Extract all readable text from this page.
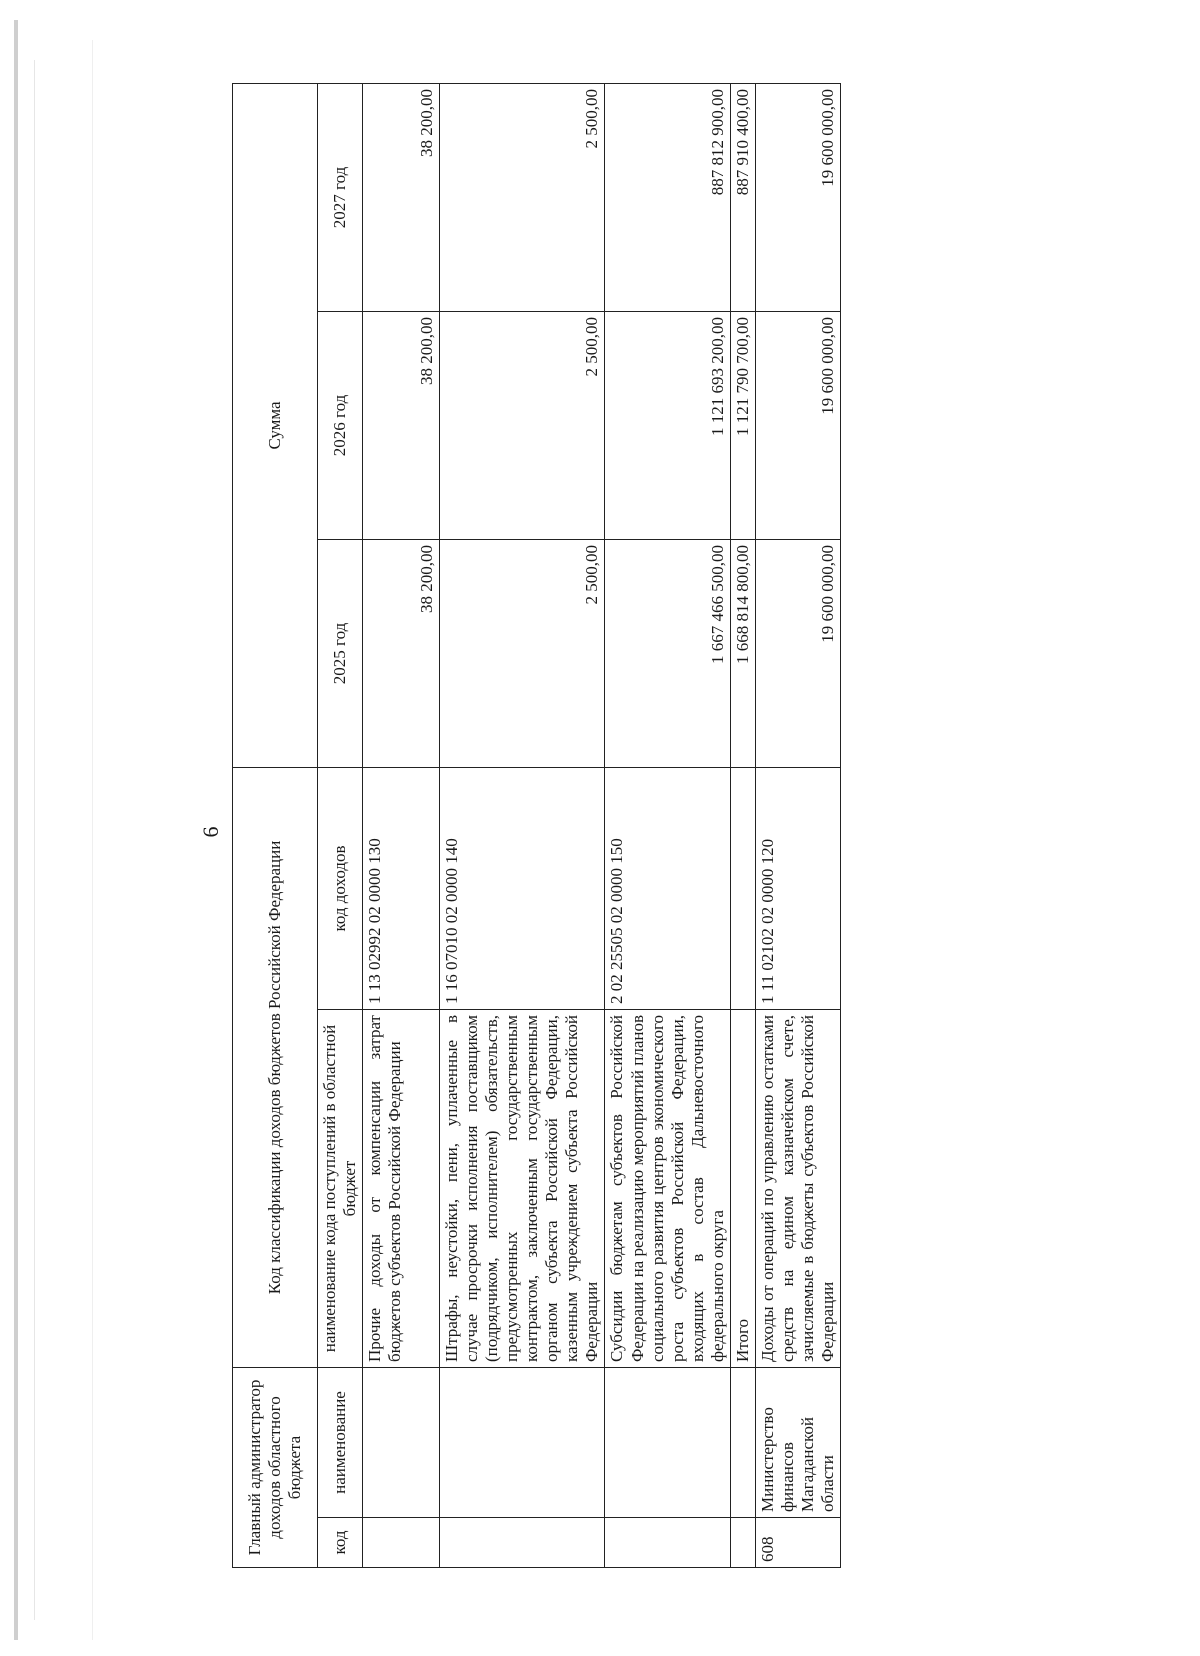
6
Главный администратор доходов областного бюджета		Код классификации доходов бюджетов Российской Федерации		Сумма		
код	наименование	наименование кода поступлений в областной бюджет	код доходов	2025 год	2026 год	2027 год
		Прочие доходы от компенсации затрат бюджетов субъектов Российской Федерации	1 13 02992 02 0000 130	38 200,00	38 200,00	38 200,00
		Штрафы, неустойки, пени, уплаченные в случае просрочки исполнения поставщиком (подрядчиком, исполнителем) обязательств, предусмотренных государственным контрактом, заключенным государственным органом субъекта Российской Федерации, казенным учреждением субъекта Российской Федерации	1 16 07010 02 0000 140	2 500,00	2 500,00	2 500,00
		Субсидии бюджетам субъектов Российской Федерации на реализацию мероприятий планов социального развития центров экономического роста субъектов Российской Федерации, входящих в состав Дальневосточного федерального округа	2 02 25505 02 0000 150	1 667 466 500,00	1 121 693 200,00	887 812 900,00
		Итого		1 668 814 800,00	1 121 790 700,00	887 910 400,00
608	Министерство финансов Магаданской области	Доходы от операций по управлению остатками средств на едином казначейском счете, зачисляемые в бюджеты субъектов Российской Федерации	1 11 02102 02 0000 120	19 600 000,00	19 600 000,00	19 600 000,00
